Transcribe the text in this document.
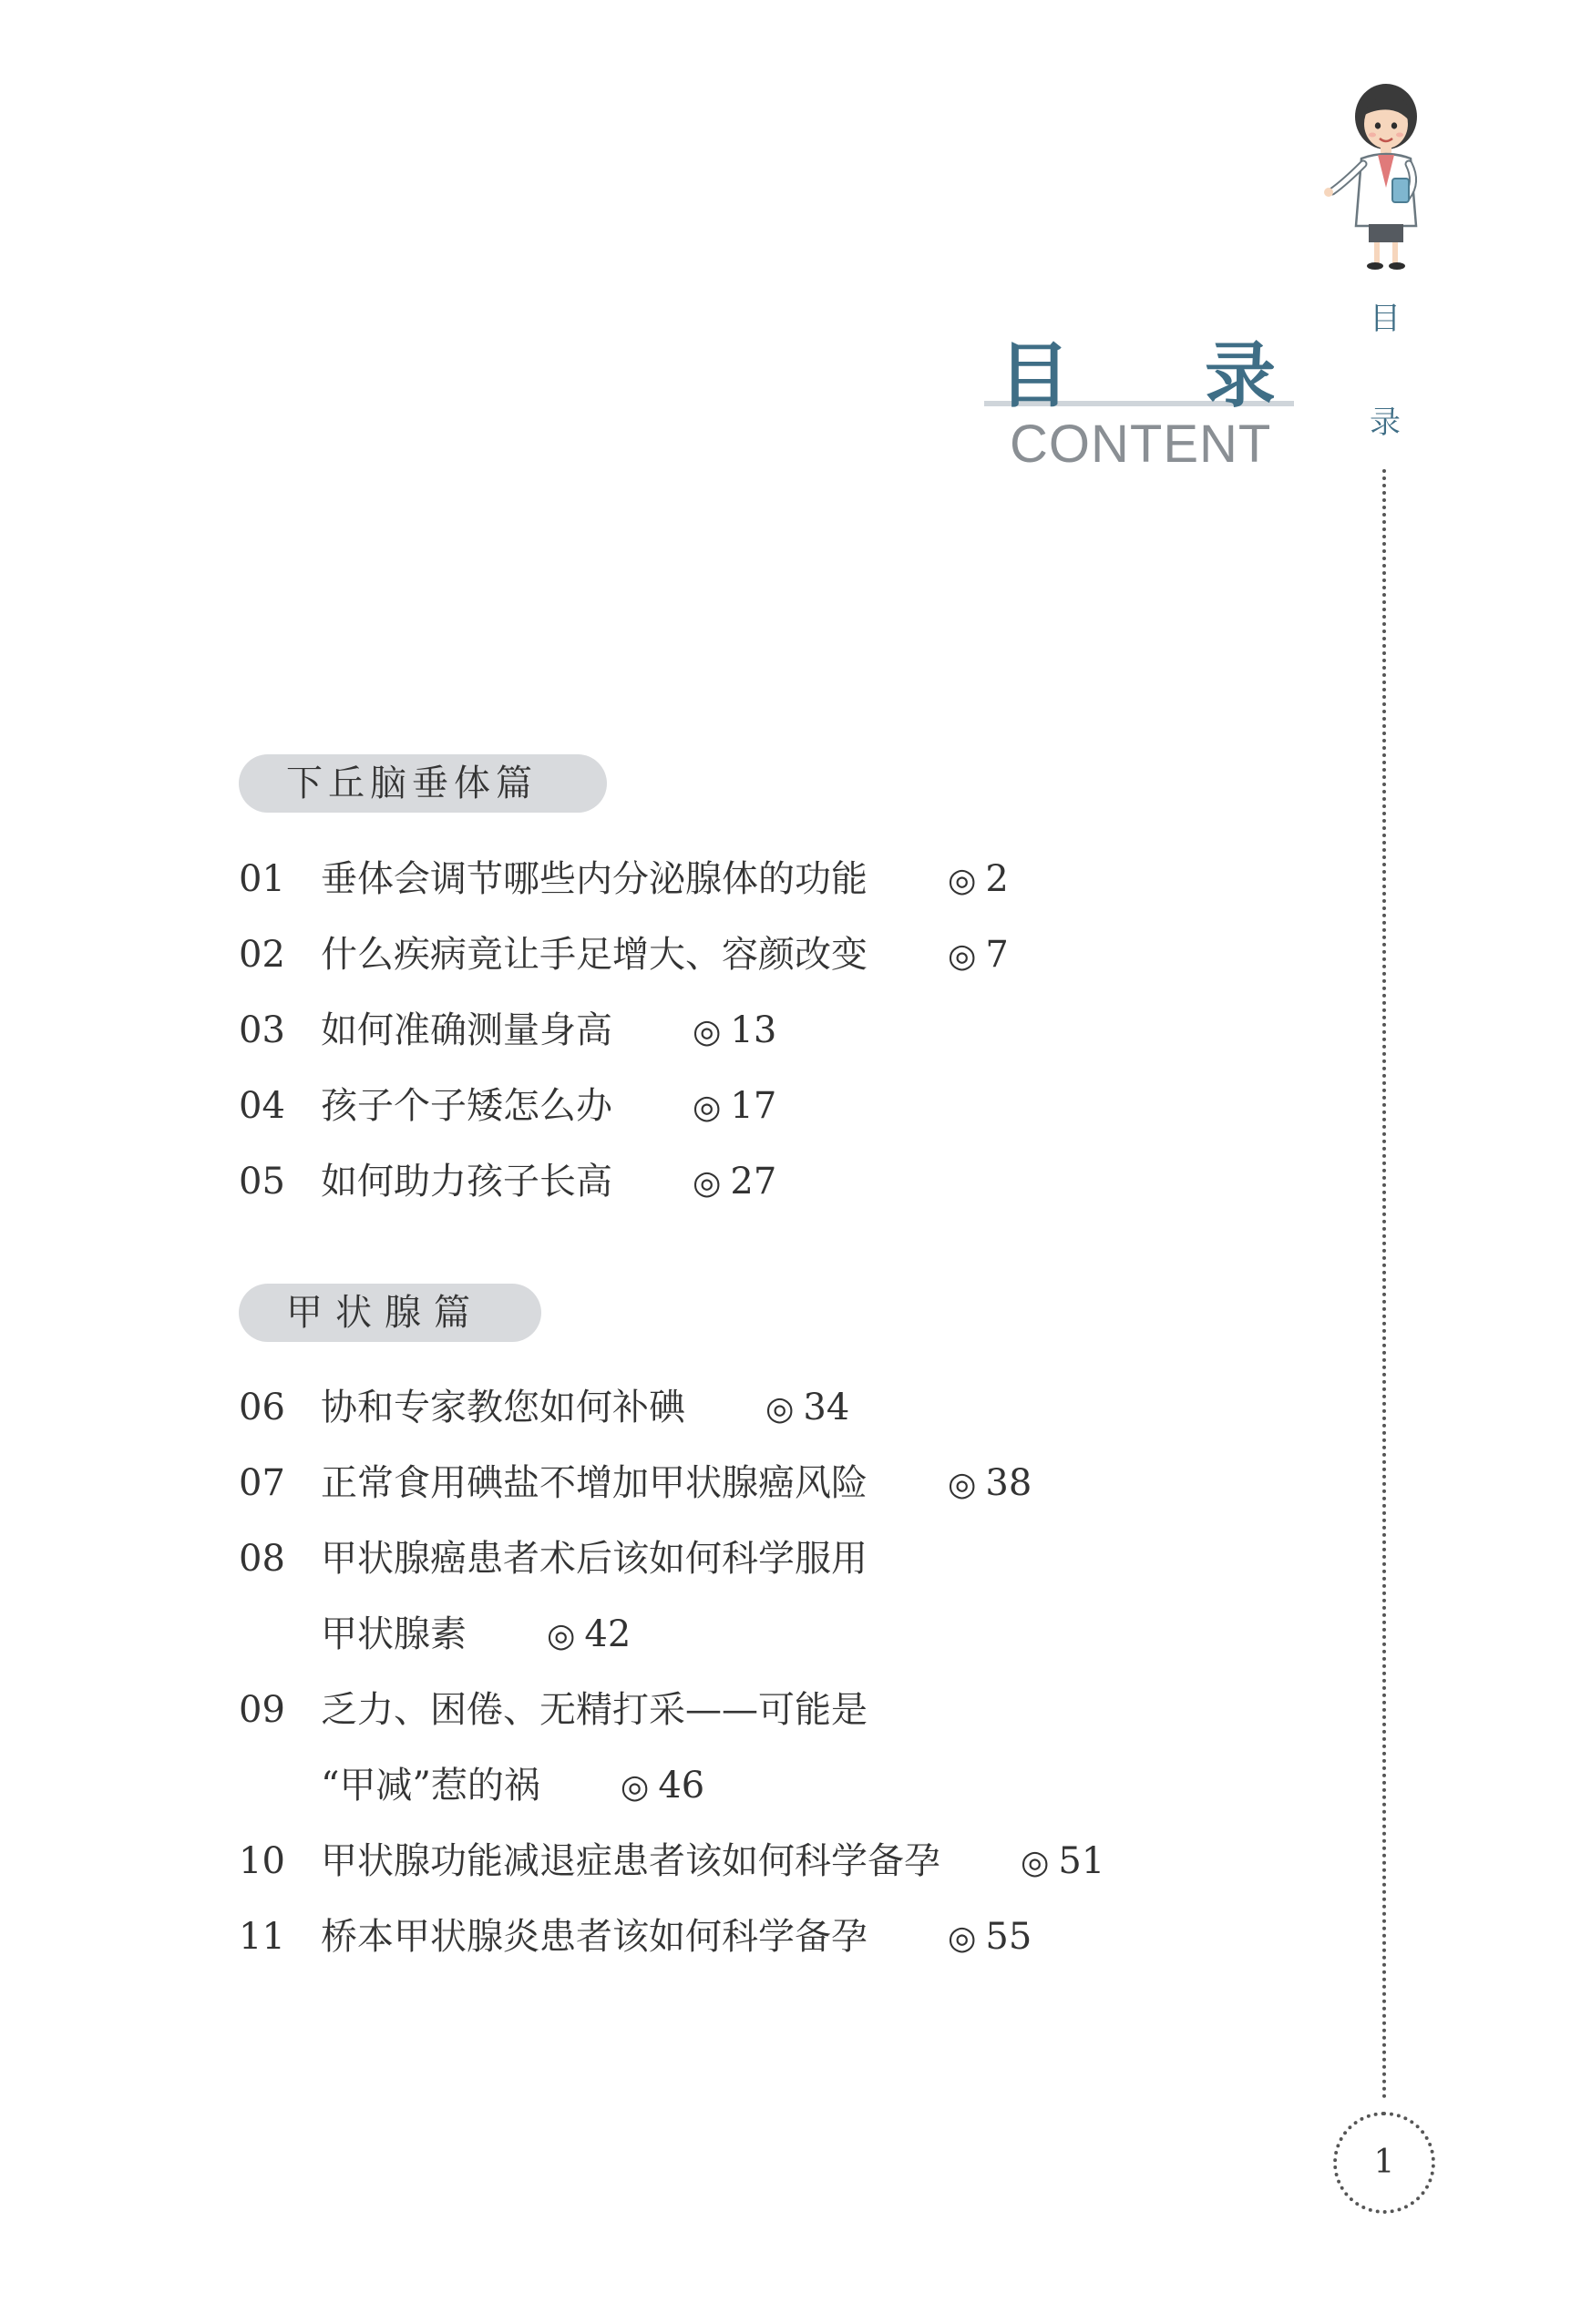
目
录
1
目 录
CONTENT
下丘脑垂体篇
01 垂体会调节哪些内分泌腺体的功能 ◎ 2
02 什么疾病竟让手足增大、容颜改变 ◎ 7
03 如何准确测量身高 ◎ 13
04 孩子个子矮怎么办 ◎ 17
05 如何助力孩子长高 ◎ 27
甲状腺篇
06 协和专家教您如何补碘 ◎ 34
07 正常食用碘盐不增加甲状腺癌风险 ◎ 38
08 甲状腺癌患者术后该如何科学服用
甲状腺素 ◎ 42
09 乏力、困倦、无精打采——可能是
“甲减”惹的祸 ◎ 46
10 甲状腺功能减退症患者该如何科学备孕 ◎ 51
11 桥本甲状腺炎患者该如何科学备孕 ◎ 55
